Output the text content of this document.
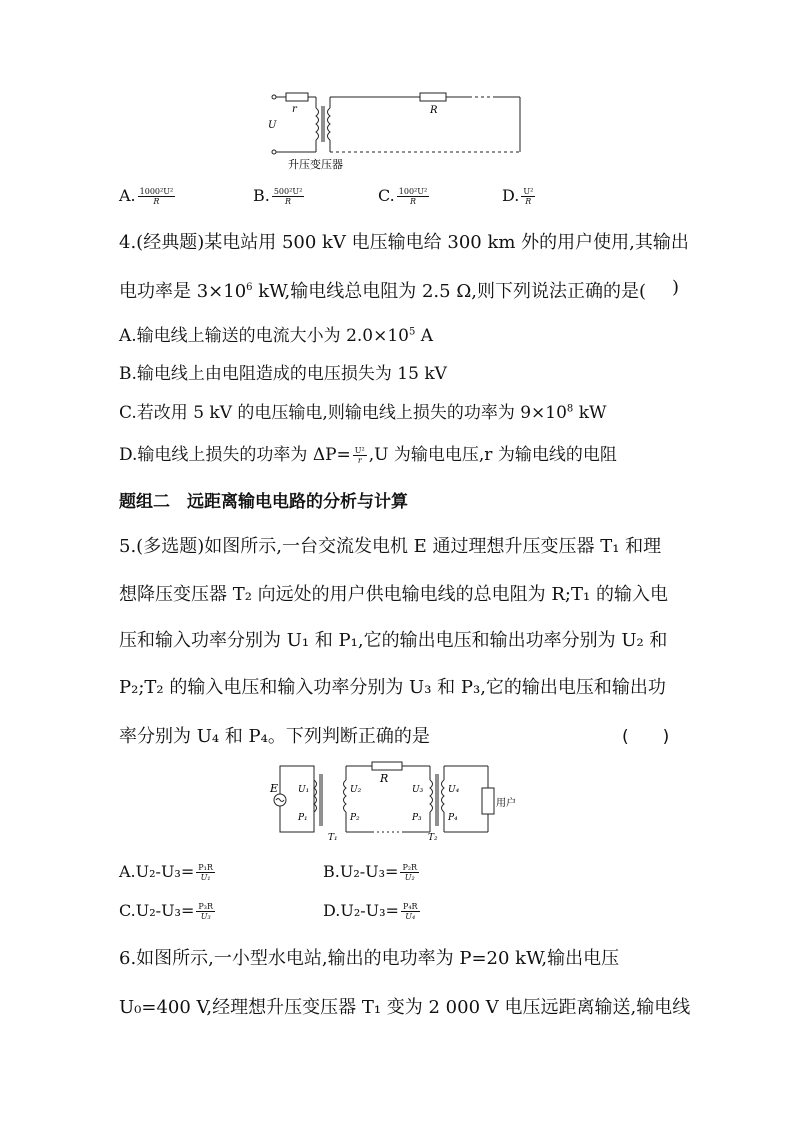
r	R
U
升压变压器
A. $\frac{\text{1000²U²}}{R}$	B. $\frac{\text{500²U²}}{R}$	C. $\frac{\text{100²U²}}{R}$	D. $\frac{\text{U²}}{R}$
4.(经典题)某电站用 500 kV 电压输电给 300 km 外的用户使用,其输出
电功率是 $3\times 10^6$ kW,输电线总电阻为 2.5 Ω,则下列说法正确的是( )
A.输电线上输送的电流大小为 $2.0\times 10^5$ A
B.输电线上由电阻造成的电压损失为 15 kV
C.若改用 5 kV 的电压输电,则输电线上损失的功率为 $9\times 10^8$ kW
D.输电线上损失的功率为 $\Delta P= \frac{\text{U²}}{r} ,U$ 为输电电压,r 为输电线的电阻
题组二　远距离输电电路的分析与计算
5.(多选题)如图所示,一台交流发电机 E 通过理想升压变压器 T₁ 和理
想降压变压器 T₂ 向远处的用户供电输电线的总电阻为 R;T₁ 的输入电
压和输入功率分别为 U₁ 和 P₁,它的输出电压和输出功率分别为 U₂ 和
P₂;T₂ 的输入电压和输入功率分别为 U₃ 和 P₃,它的输出电压和输出功
率分别为 U₄ 和 P₄。下列判断正确的是	(　　)
E
R
U₁
P₁
U₂
P₂
U₃
P₃
U₄
P₄
T₁	T₂
用户
$A.U_2-U_3= \frac{\text{P₁R}}{\text{U₁}}$	$B.U_2-U_3= \frac{\text{P₂R}}{\text{U₂}}$
$C.U_2-U_3= \frac{\text{P₃R}}{\text{U₃}}$	$D.U_2-U_3= \frac{\text{P₄R}}{\text{U₄}}$
6.如图所示,一小型水电站,输出的电功率为 P=20 kW,输出电压
U₀=400 V,经理想升压变压器 T₁ 变为 2 000 V 电压远距离输送,输电线
